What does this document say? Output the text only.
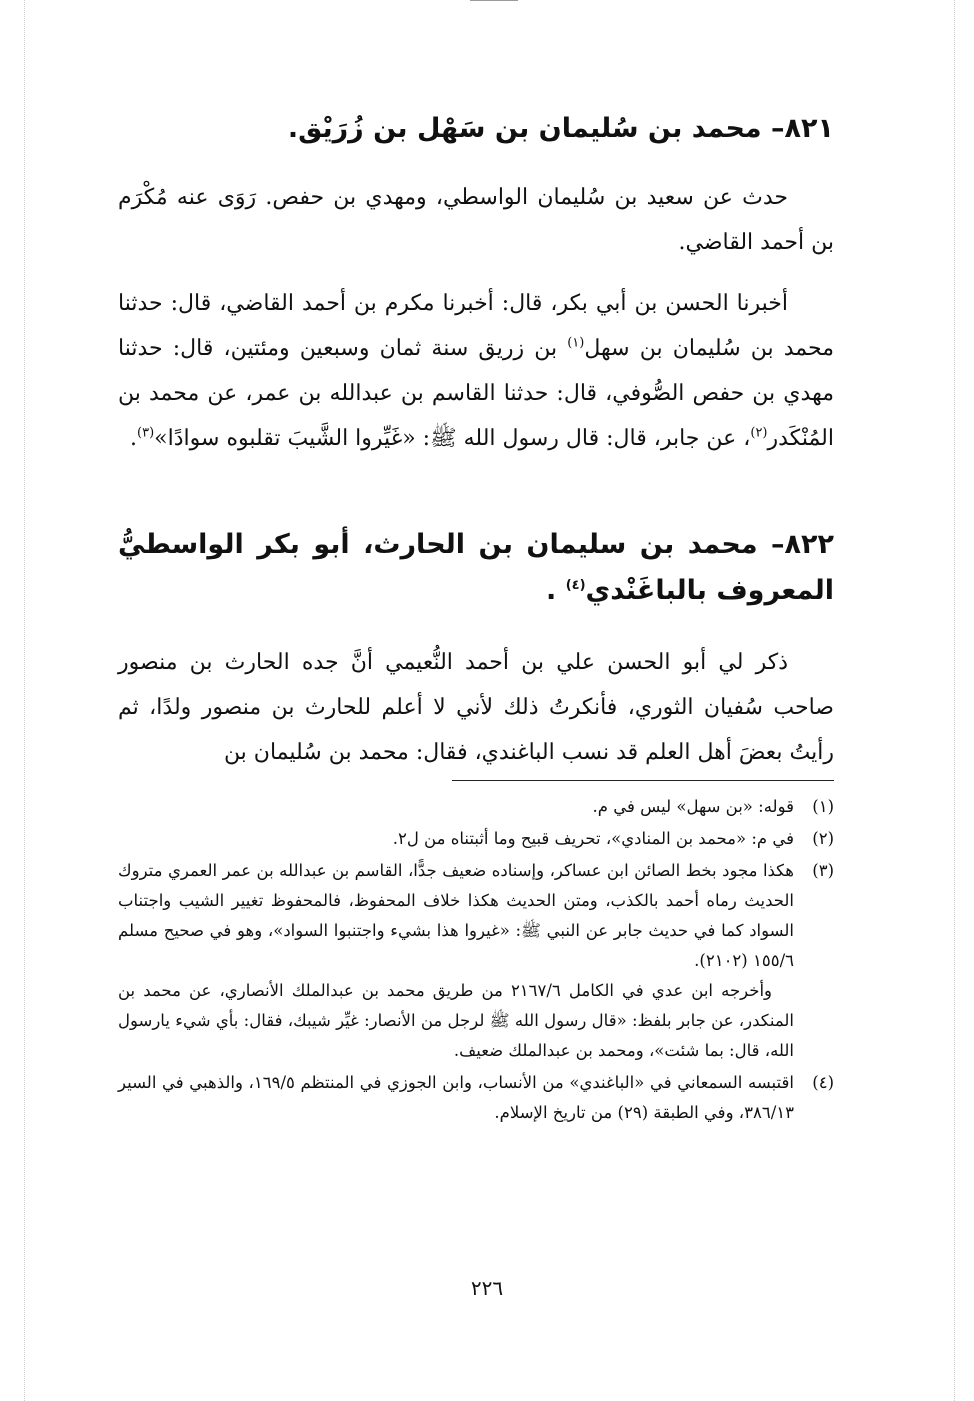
٨٢١– محمد بن سُليمان بن سَهْل بن زُرَيْق.

حدث عن سعيد بن سُليمان الواسطي، ومهدي بن حفص. رَوَى عنه مُكْرَم بن أحمد القاضي.

أخبرنا الحسن بن أبي بكر، قال: أخبرنا مكرم بن أحمد القاضي، قال: حدثنا محمد بن سُليمان بن سهل$^{(١)}$ بن زريق سنة ثمان وسبعين ومئتين، قال: حدثنا مهدي بن حفص الصُّوفي، قال: حدثنا القاسم بن عبدالله بن عمر، عن محمد بن المُنْكَدر$^{(٢)}$، عن جابر، قال: قال رسول الله ﷺ: «غَيِّروا الشَّيبَ تقلبوه سوادًا»$^{(٣)}$.

٨٢٢– محمد بن سليمان بن الحارث، أبو بكر الواسطيُّ المعروف بالباغَنْدي$^{(٤)}$ .

ذكر لي أبو الحسن علي بن أحمد النُّعيمي أنَّ جده الحارث بن منصور صاحب سُفيان الثوري، فأنكرتُ ذلك لأني لا أعلم للحارث بن منصور ولدًا، ثم رأيتُ بعضَ أهل العلم قد نسب الباغندي، فقال: محمد بن سُليمان بن

(١)

قوله: «بن سهل» ليس في م.

(٢)

في م: «محمد بن المنادي»، تحريف قبيح وما أثبتناه من ل٢.

(٣)

هكذا مجود بخط الصائن ابن عساكر، وإسناده ضعيف جدًّا، القاسم بن عبدالله بن عمر العمري متروك الحديث رماه أحمد بالكذب، ومتن الحديث هكذا خلاف المحفوظ، فالمحفوظ تغيير الشيب واجتناب السواد كما في حديث جابر عن النبي ﷺ: «غيروا هذا بشيء واجتنبوا السواد»، وهو في صحيح مسلم ١٥٥/٦ (٢١٠٢).

وأخرجه ابن عدي في الكامل ٢١٦٧/٦ من طريق محمد بن عبدالملك الأنصاري، عن محمد بن المنكدر، عن جابر بلفظ: «قال رسول الله ﷺ لرجل من الأنصار: غيِّر شيبك، فقال: بأي شيء يارسول الله، قال: بما شئت»، ومحمد بن عبدالملك ضعيف.

(٤)

اقتبسه السمعاني في «الباغندي» من الأنساب، وابن الجوزي في المنتظم ١٦٩/٥، والذهبي في السير ٣٨٦/١٣، وفي الطبقة (٢٩) من تاريخ الإسلام.

٢٢٦
